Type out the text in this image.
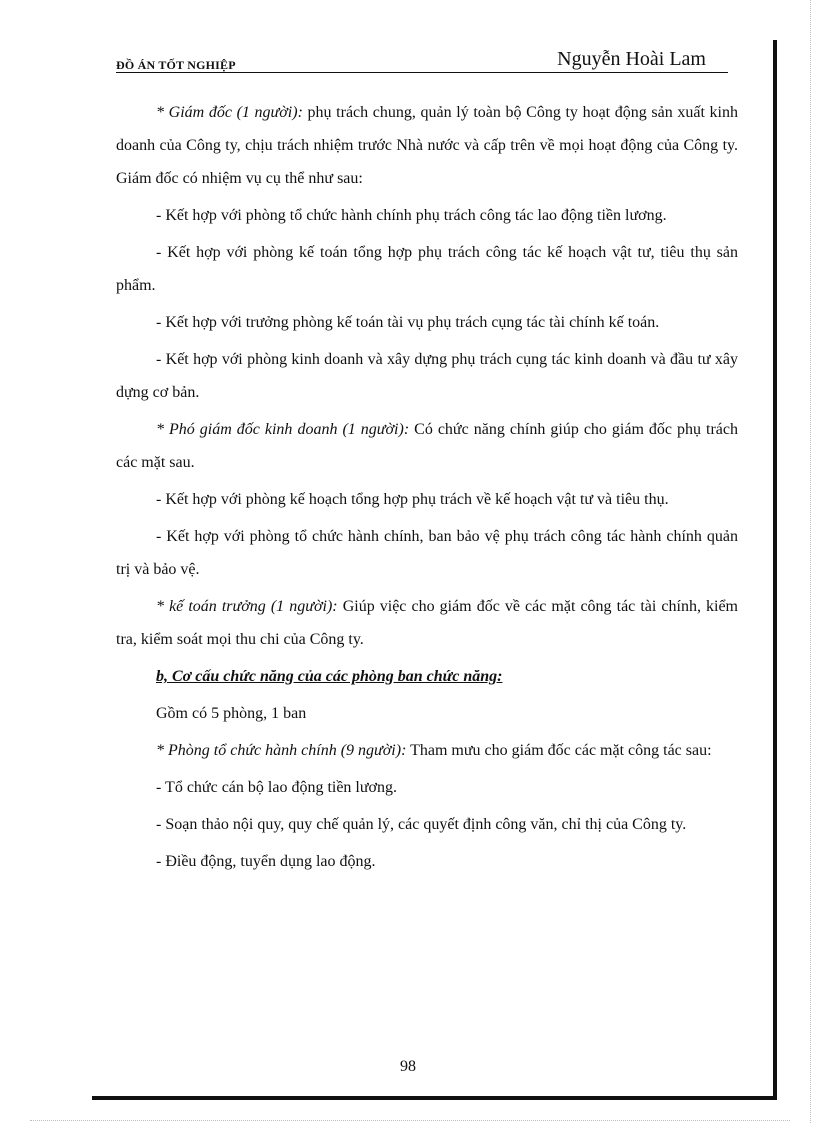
ĐỒ ÁN TỐT NGHIỆP	Nguyễn Hoài Lam

* Giám đốc (1 người): phụ trách chung, quản lý toàn bộ Công ty hoạt động sản xuất kinh doanh của Công ty, chịu trách nhiệm trước Nhà nước và cấp trên về mọi hoạt động của Công ty. Giám đốc có nhiệm vụ cụ thể như sau:

- Kết hợp với phòng tổ chức hành chính phụ trách công tác lao động tiền lương.

- Kết hợp với phòng kế toán tổng hợp phụ trách công tác kế hoạch vật tư, tiêu thụ sản phẩm.

- Kết hợp với trưởng phòng kế toán tài vụ phụ trách cụng tác tài chính kế toán.

- Kết hợp với phòng kinh doanh và xây dựng phụ trách cụng tác kinh doanh và đầu tư xây dựng cơ bản.

* Phó giám đốc kinh doanh (1 người): Có chức năng chính giúp cho giám đốc phụ trách các mặt sau.

- Kết hợp với phòng kế hoạch tổng hợp phụ trách về kế hoạch vật tư và tiêu thụ.

- Kết hợp với phòng tổ chức hành chính, ban bảo vệ phụ trách công tác hành chính quản trị và bảo vệ.

* kế toán trưởng (1 người): Giúp việc cho giám đốc về các mặt công tác tài chính, kiểm tra, kiểm soát mọi thu chi của Công ty.

b, Cơ cấu chức năng của các phòng ban chức năng:

Gồm có 5 phòng, 1 ban

* Phòng tổ chức hành chính (9 người): Tham mưu cho giám đốc các mặt công tác sau:

- Tổ chức cán bộ lao động tiền lương.

- Soạn thảo nội quy, quy chế quản lý, các quyết định công văn, chỉ thị của Công ty.

- Điều động, tuyển dụng lao động.

98
